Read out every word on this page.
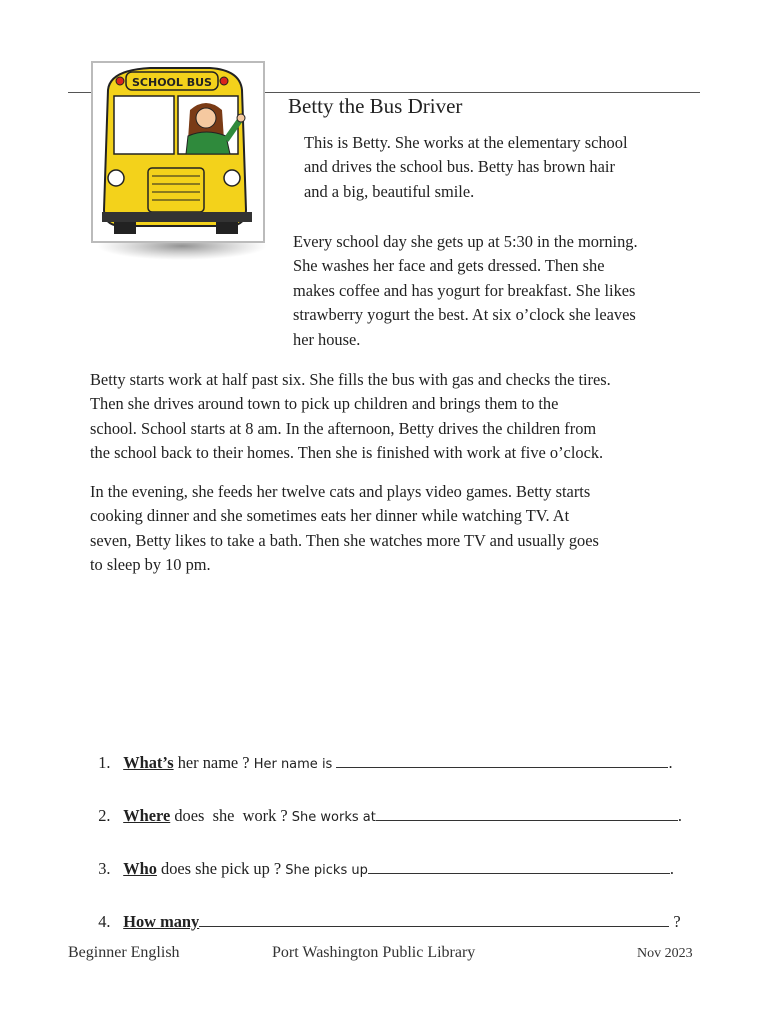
SCHOOL BUS
Betty the Bus Driver
This is Betty. She works at the elementary school
and drives the school bus. Betty has brown hair
and a big, beautiful smile.
Every school day she gets up at 5:30 in the morning.
She washes her face and gets dressed. Then she
makes coffee and has yogurt for breakfast. She likes
strawberry yogurt the best. At six o’clock she leaves
her house.
Betty starts work at half past six. She fills the bus with gas and checks the tires.
Then she drives around town to pick up children and brings them to the
school. School starts at 8 am. In the afternoon, Betty drives the children from
the school back to their homes. Then she is finished with work at five o’clock.
In the evening, she feeds her twelve cats and plays video games. Betty starts
cooking dinner and she sometimes eats her dinner while watching TV. At
seven, Betty likes to take a bath. Then she watches more TV and usually goes
to sleep by 10 pm.

1. What’s her name ? Her name is	.

2. Where does  she  work ? She works at	.

3. Who does she pick up ? She picks up	.

4. How many	?

Beginner English	Port Washington Public Library	Nov 2023
